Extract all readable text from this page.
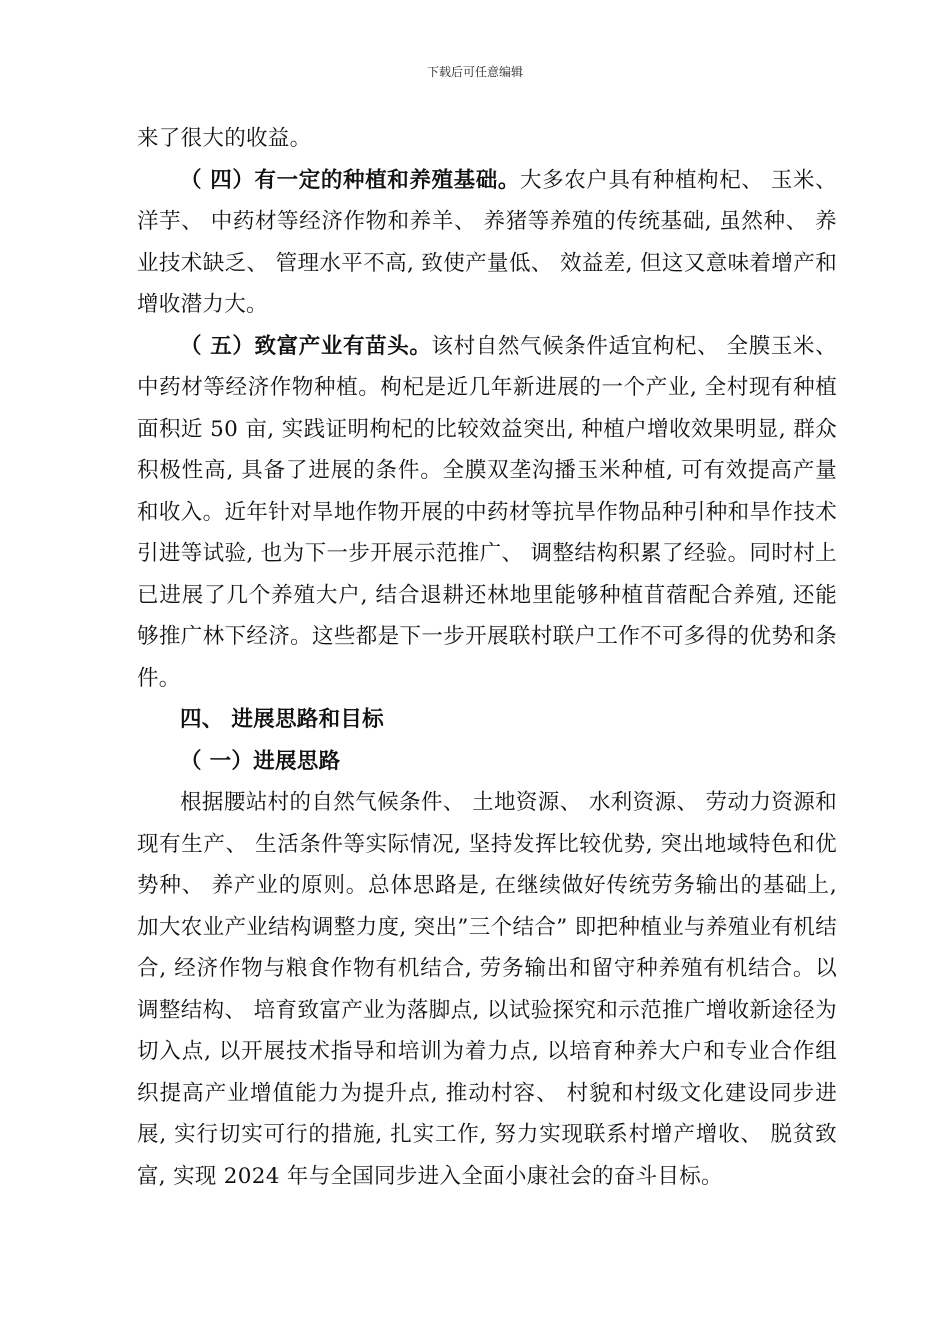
下载后可任意编辑

来了很大的收益。

（ 四）有一定的种植和养殖基础。大多农户具有种植枸杞、 玉米、 洋芋、 中药材等经济作物和养羊、 养猪等养殖的传统基础, 虽然种、 养业技术缺乏、 管理水平不高, 致使产量低、 效益差, 但这又意味着增产和增收潜力大。

（ 五）致富产业有苗头。该村自然气候条件适宜枸杞、 全膜玉米、 中药材等经济作物种植。枸杞是近几年新进展的一个产业, 全村现有种植面积近 50 亩, 实践证明枸杞的比较效益突出, 种植户增收效果明显, 群众积极性高, 具备了进展的条件。全膜双垄沟播玉米种植, 可有效提高产量和收入。近年针对旱地作物开展的中药材等抗旱作物品种引种和旱作技术引进等试验, 也为下一步开展示范推广、 调整结构积累了经验。同时村上已进展了几个养殖大户, 结合退耕还林地里能够种植苜蓿配合养殖, 还能够推广林下经济。这些都是下一步开展联村联户工作不可多得的优势和条件。

四、 进展思路和目标

（ 一）进展思路

根据腰站村的自然气候条件、 土地资源、 水利资源、 劳动力资源和现有生产、 生活条件等实际情况, 坚持发挥比较优势, 突出地域特色和优势种、 养产业的原则。总体思路是, 在继续做好传统劳务输出的基础上, 加大农业产业结构调整力度, 突出”三个结合” 即把种植业与养殖业有机结合, 经济作物与粮食作物有机结合, 劳务输出和留守种养殖有机结合。以调整结构、 培育致富产业为落脚点, 以试验探究和示范推广增收新途径为切入点, 以开展技术指导和培训为着力点, 以培育种养大户和专业合作组织提高产业增值能力为提升点, 推动村容、 村貌和村级文化建设同步进展, 实行切实可行的措施, 扎实工作, 努力实现联系村增产增收、 脱贫致富, 实现 2024 年与全国同步进入全面小康社会的奋斗目标。
